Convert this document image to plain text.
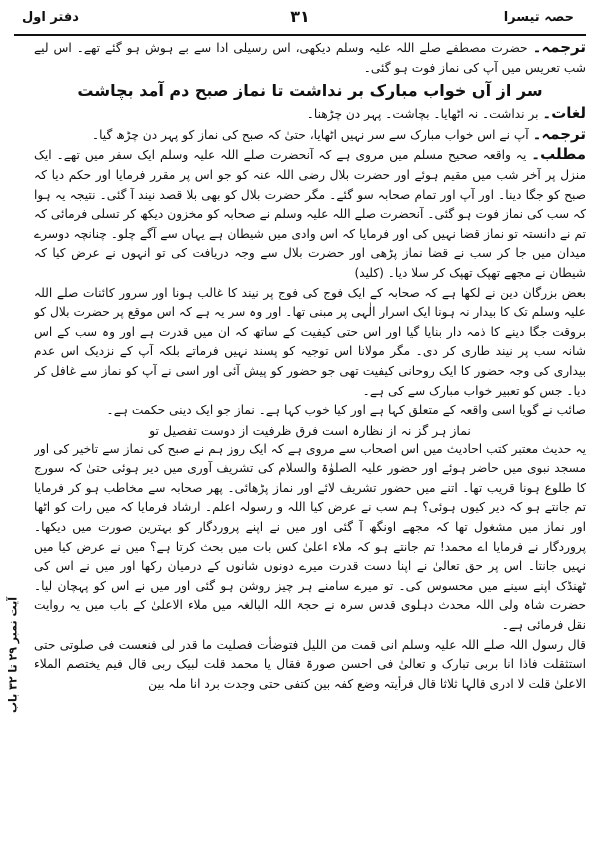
دفتر اول	۳۱	حصہ تیسرا

ترجمہ۔ حضرت مصطفے صلے اللہ علیہ وسلم دیکھی، اس رسیلی ادا سے بے ہوش ہو گئے تھے۔ اس لیے شب تعریس میں آپ کی نماز فوت ہو گئی۔

سر از آں خواب مبارک بر نداشت تا نماز صبح دم آمد بچاشت

لغات۔ بر نداشت۔ نہ اٹھایا۔ بچاشت۔ پہر دن چڑھنا۔

ترجمہ۔ آپ نے اس خواب مبارک سے سر نہیں اٹھایا، حتیٰ کہ صبح کی نماز کو پہر دن چڑھ گیا۔

مطلب۔ یہ واقعہ صحیح مسلم میں مروی ہے کہ آنحضرت صلے اللہ علیہ وسلم ایک سفر میں تھے۔ ایک منزل پر آخر شب میں مقیم ہوئے اور حضرت بلال رضی اللہ عنہ کو جو اس پر مقرر فرمایا اور حکم دیا کہ صبح کو جگا دینا۔ اور آپ اور تمام صحابہ سو گئے۔ مگر حضرت بلال کو بھی بلا قصد نیند آ گئی۔ نتیجہ یہ ہوا کہ سب کی نماز فوت ہو گئی۔ آنحضرت صلے اللہ علیہ وسلم نے صحابہ کو مخزون دیکھ کر تسلی فرمائی کہ تم نے دانستہ تو نماز قضا نہیں کی اور فرمایا کہ اس وادی میں شیطان ہے یہاں سے آگے چلو۔ چنانچہ دوسرے میدان میں جا کر سب نے قضا نماز پڑھی اور حضرت بلال سے وجہ دریافت کی تو انہوں نے عرض کیا کہ شیطان نے مجھے تھپک تھپک کر سلا دیا۔ (کلید)

بعض بزرگان دین نے لکھا ہے کہ صحابہ کے ایک فوج کی فوج پر نیند کا غالب ہونا اور سرور کائنات صلے اللہ علیہ وسلم تک کا بیدار نہ ہونا ایک اسرار الٰہی پر مبنی تھا۔ اور وہ سر یہ ہے کہ اس موقع پر حضرت بلال کو بروقت جگا دینے کا ذمہ دار بنایا گیا اور اس حتی کیفیت کے ساتھ کہ ان میں قدرت ہے اور وہ سب کے اس شانہ سب پر نیند طاری کر دی۔ مگر مولانا اس توجیہ کو پسند نہیں فرماتے بلکہ آپ کے نزدیک اس عدم بیداری کی وجہ حضور کا ایک روحانی کیفیت تھی جو حضور کو پیش آئی اور اسی نے آپ کو نماز سے غافل کر دیا۔ جس کو تعبیر خواب مبارک سے کی ہے۔

صائب نے گویا اسی واقعہ کے متعلق کہا ہے اور کیا خوب کہا ہے۔ نماز جو ایک دینی حکمت ہے۔

نماز ہر گز نہ از نظارہ است فرق ظرفیت از دوست تفصیل تو

یہ حدیث معتبر کتب احادیث میں اس اصحاب سے مروی ہے کہ ایک روز ہم نے صبح کی نماز سے تاخیر کی اور مسجد نبوی میں حاضر ہوئے اور حضور علیہ الصلوٰۃ والسلام کی تشریف آوری میں دیر ہوئی حتیٰ کہ سورج کا طلوع ہونا قریب تھا۔ اتنے میں حضور تشریف لائے اور نماز پڑھائی۔ پھر صحابہ سے مخاطب ہو کر فرمایا تم جانتے ہو کہ دیر کیوں ہوئی؟ ہم سب نے عرض کیا اللہ و رسولہ اعلم۔ ارشاد فرمایا کہ میں رات کو اٹھا اور نماز میں مشغول تھا کہ مجھے اونگھ آ گئی اور میں نے اپنے پروردگار کو بہترین صورت میں دیکھا۔ پروردگار نے فرمایا اے محمد! تم جانتے ہو کہ ملاء اعلیٰ کس بات میں بحث کرتا ہے؟ میں نے عرض کیا میں نہیں جانتا۔ اس پر حق تعالیٰ نے اپنا دست قدرت میرے دونوں شانوں کے درمیان رکھا اور میں نے اس کی ٹھنڈک اپنے سینے میں محسوس کی۔ تو میرے سامنے ہر چیز روشن ہو گئی اور میں نے اس کو پہچان لیا۔ حضرت شاہ ولی اللہ محدث دہلوی قدس سرہ نے حجۃ اللہ البالغہ میں ملاء الاعلیٰ کے باب میں یہ روایت نقل فرمائی ہے۔

قال رسول اللہ صلے اللہ علیہ وسلم انی قمت من اللیل فتوضأت فصلیت ما قدر لی فنعست فی صلوتی حتی استثقلت فاذا انا بربی تبارک و تعالیٰ فی احسن صورۃ فقال یا محمد قلت لبیک ربی قال فیم یختصم الملاء الاعلیٰ قلت لا ادری قالہا ثلاثا قال فرأیتہ وضع کفہ بین کتفی حتی وجدت برد انا ملہ بین

آیت نمبر ۲۹ تا ۳۲ باب
